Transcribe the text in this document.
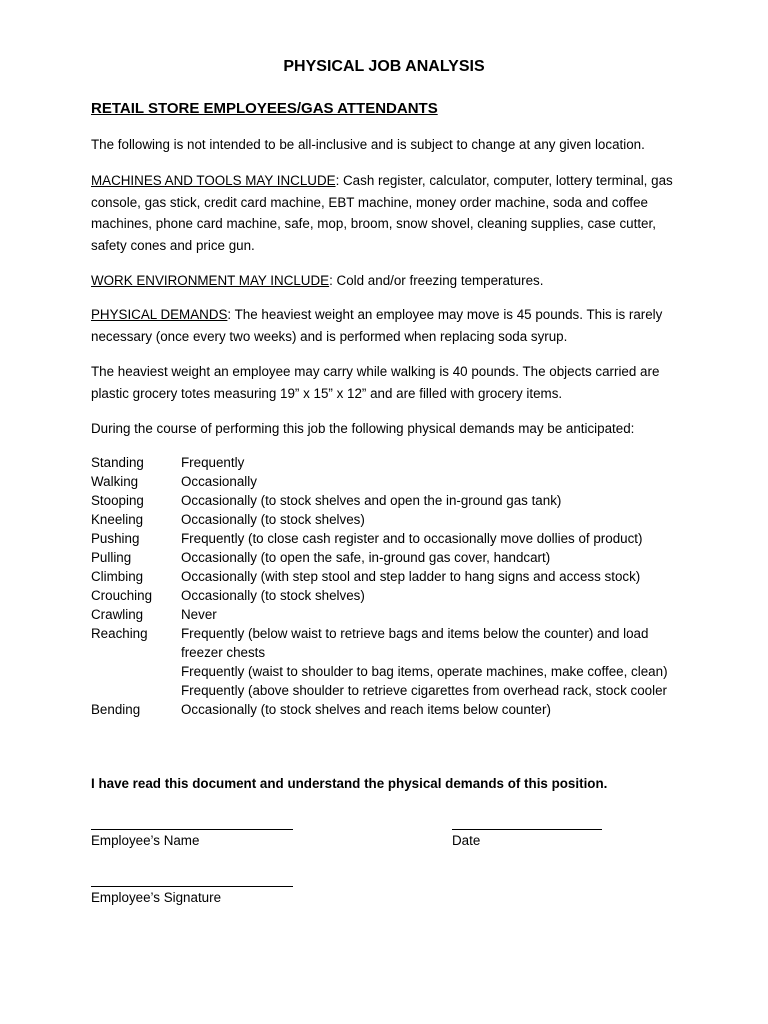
PHYSICAL JOB ANALYSIS
RETAIL STORE EMPLOYEES/GAS ATTENDANTS
The following is not intended to be all-inclusive and is subject to change at any given location.
MACHINES AND TOOLS MAY INCLUDE: Cash register, calculator, computer, lottery terminal, gas console, gas stick, credit card machine, EBT machine, money order machine, soda and coffee machines, phone card machine, safe, mop, broom, snow shovel, cleaning supplies, case cutter, safety cones and price gun.
WORK ENVIRONMENT MAY INCLUDE: Cold and/or freezing temperatures.
PHYSICAL DEMANDS: The heaviest weight an employee may move is 45 pounds. This is rarely necessary (once every two weeks) and is performed when replacing soda syrup.
The heaviest weight an employee may carry while walking is 40 pounds. The objects carried are plastic grocery totes measuring 19” x 15” x 12” and are filled with grocery items.
During the course of performing this job the following physical demands may be anticipated:
Standing	Frequently
Walking	Occasionally
Stooping	Occasionally (to stock shelves and open the in-ground gas tank)
Kneeling	Occasionally (to stock shelves)
Pushing	Frequently (to close cash register and to occasionally move dollies of product)
Pulling	Occasionally (to open the safe, in-ground gas cover, handcart)
Climbing	Occasionally (with step stool and step ladder to hang signs and access stock)
Crouching	Occasionally (to stock shelves)
Crawling	Never
Reaching	Frequently (below waist to retrieve bags and items below the counter) and load freezer chests
Frequently (waist to shoulder to bag items, operate machines, make coffee, clean)
Frequently (above shoulder to retrieve cigarettes from overhead rack, stock cooler
Bending	Occasionally (to stock shelves and reach items below counter)
I have read this document and understand the physical demands of this position.
Employee’s Name	Date
Employee’s Signature
